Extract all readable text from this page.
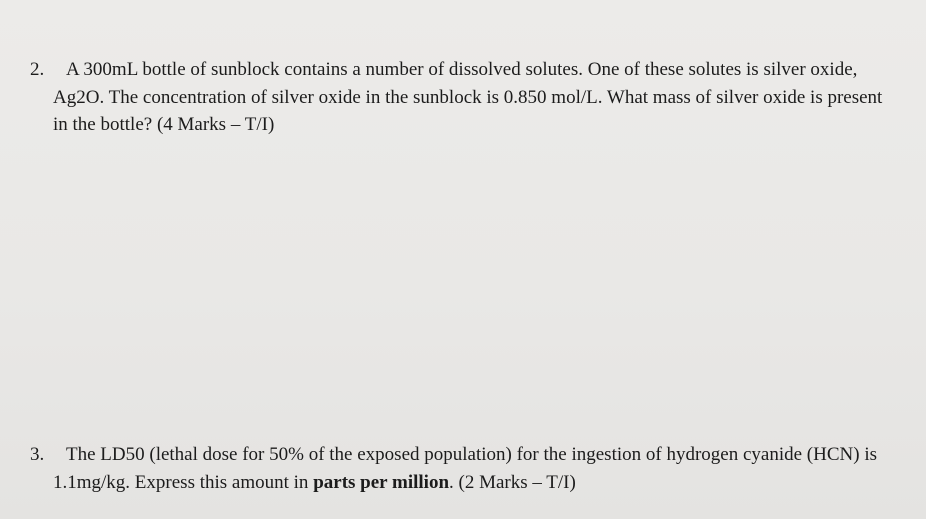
2.	A 300mL bottle of sunblock contains a number of dissolved solutes. One of these solutes is silver oxide,
Ag2O. The concentration of silver oxide in the sunblock is 0.850 mol/L. What mass of silver oxide is present
in the bottle? (4 Marks – T/I)
3.	The LD50 (lethal dose for 50% of the exposed population) for the ingestion of hydrogen cyanide (HCN) is
1.1mg/kg. Express this amount in parts per million. (2 Marks – T/I)
